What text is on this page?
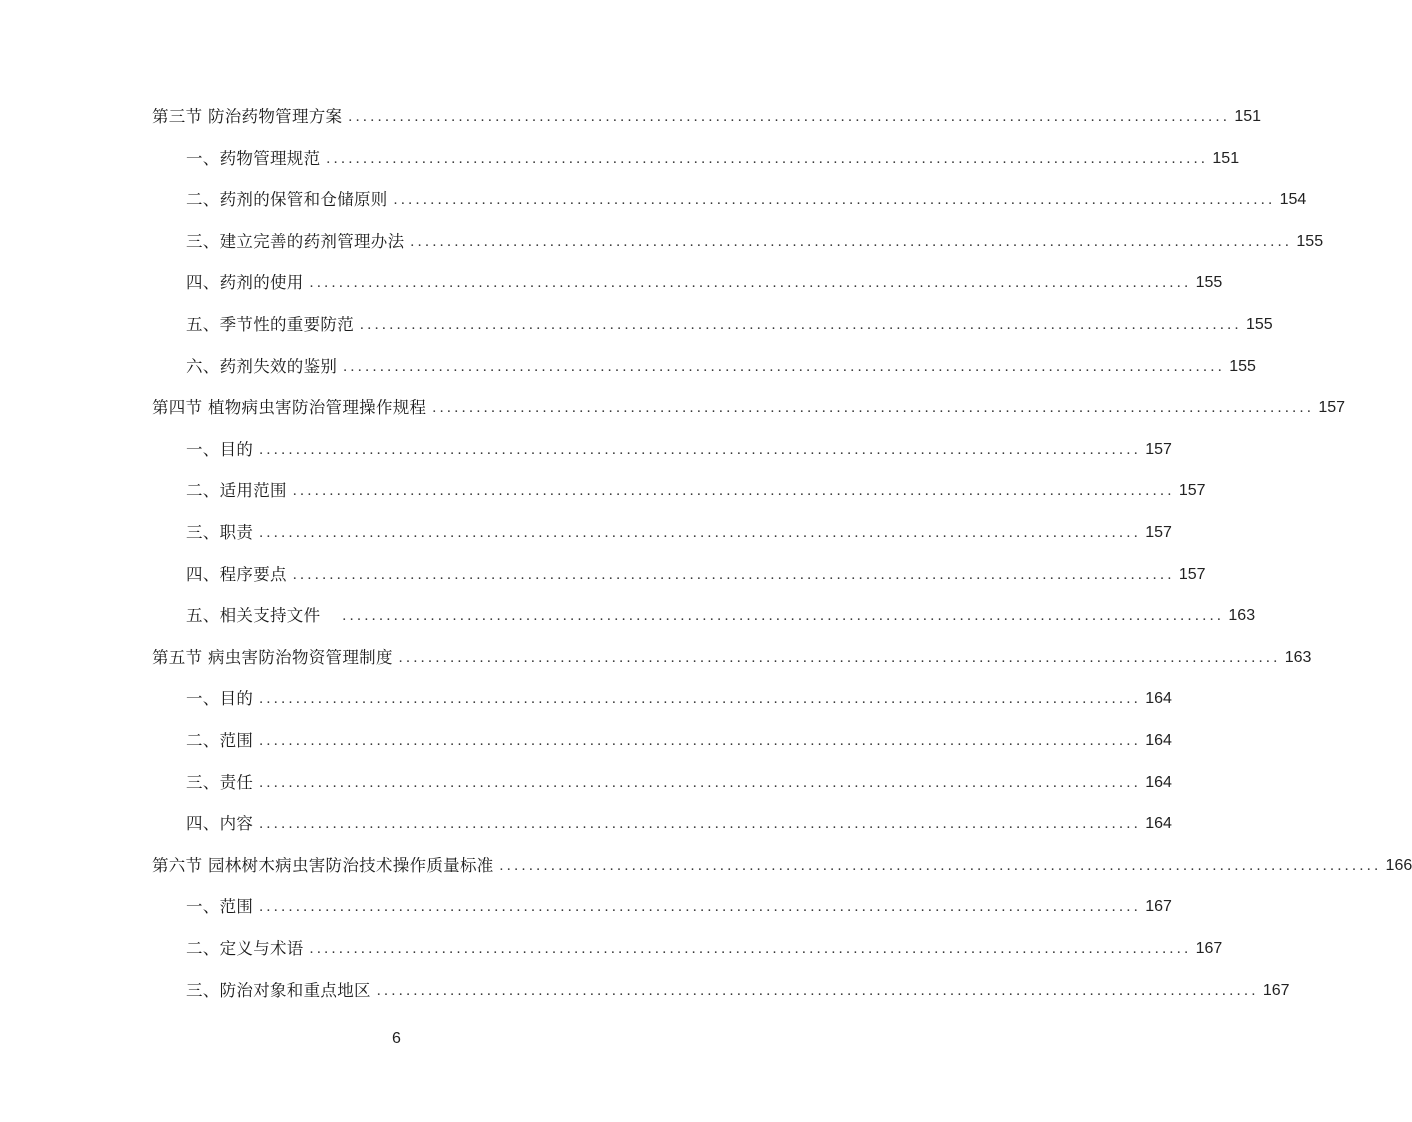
第三节 防治药物管理方案 ........................................................................................................................ 151
一、药物管理规范 ........................................................................................................................ 151
二、药剂的保管和仓储原则 ........................................................................................................................ 154
三、建立完善的药剂管理办法 ........................................................................................................................ 155
四、药剂的使用 ........................................................................................................................ 155
五、季节性的重要防范 ........................................................................................................................ 155
六、药剂失效的鉴别 ........................................................................................................................ 155
第四节 植物病虫害防治管理操作规程 ........................................................................................................................ 157
一、目的 ........................................................................................................................ 157
二、适用范围 ........................................................................................................................ 157
三、职责 ........................................................................................................................ 157
四、程序要点 ........................................................................................................................ 157
五、相关支持文件 ........................................................................................................................ 163
第五节 病虫害防治物资管理制度 ........................................................................................................................ 163
一、目的 ........................................................................................................................ 164
二、范围 ........................................................................................................................ 164
三、责任 ........................................................................................................................ 164
四、内容 ........................................................................................................................ 164
第六节 园林树木病虫害防治技术操作质量标准 ........................................................................................................................ 166
一、范围 ........................................................................................................................ 167
二、定义与术语 ........................................................................................................................ 167
三、防治对象和重点地区 ........................................................................................................................ 167
6
